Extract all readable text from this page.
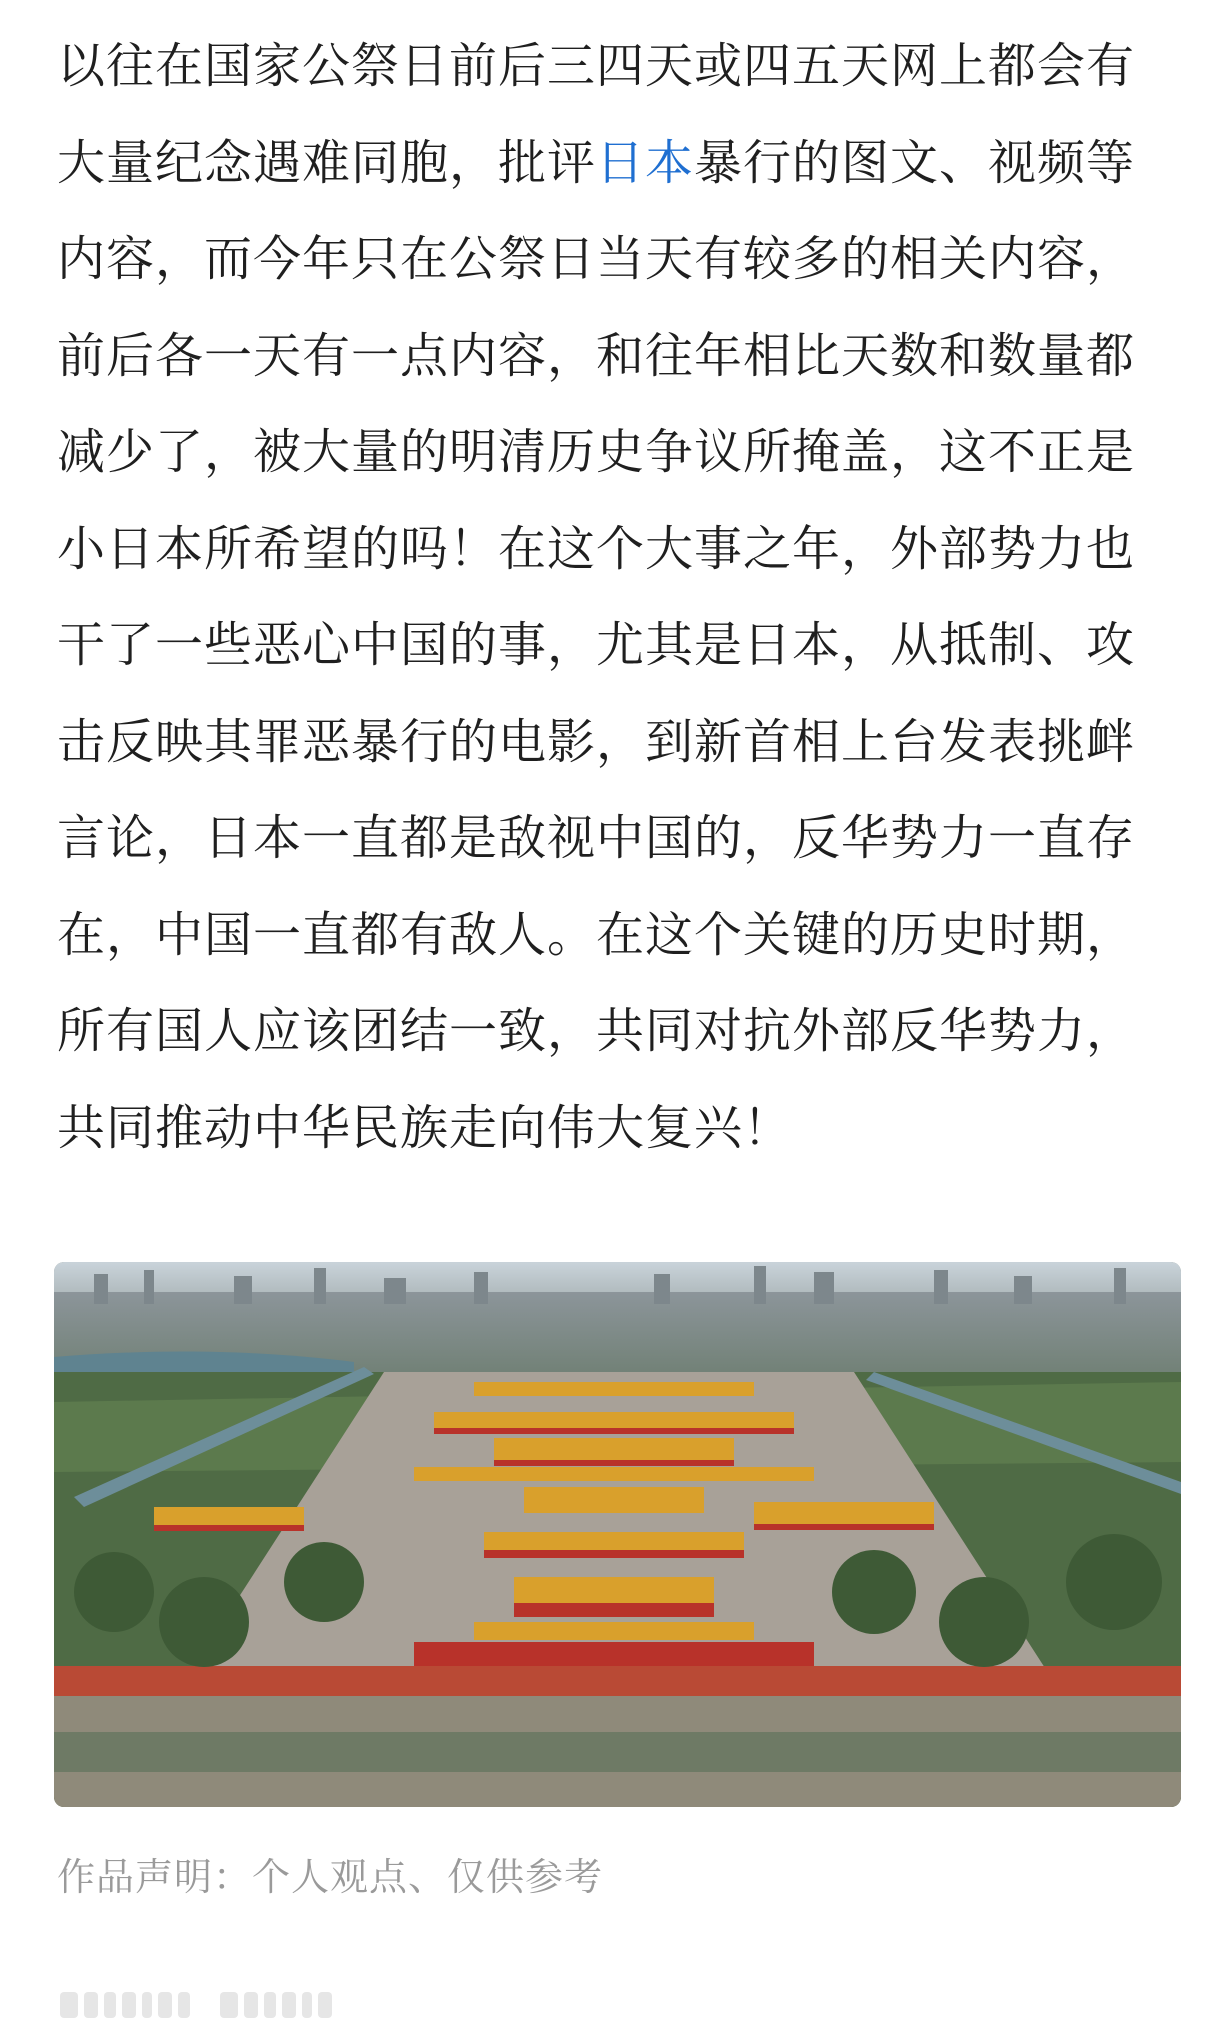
以往在国家公祭日前后三四天或四五天网上都会有大量纪念遇难同胞，批评日本暴行的图文、视频等内容，而今年只在公祭日当天有较多的相关内容，前后各一天有一点内容，和往年相比天数和数量都减少了，被大量的明清历史争议所掩盖，这不正是小日本所希望的吗！在这个大事之年，外部势力也干了一些恶心中国的事，尤其是日本，从抵制、攻击反映其罪恶暴行的电影，到新首相上台发表挑衅言论，日本一直都是敌视中国的，反华势力一直存在，中国一直都有敌人。在这个关键的历史时期，所有国人应该团结一致，共同对抗外部反华势力，共同推动中华民族走向伟大复兴！

作品声明：个人观点、仅供参考
